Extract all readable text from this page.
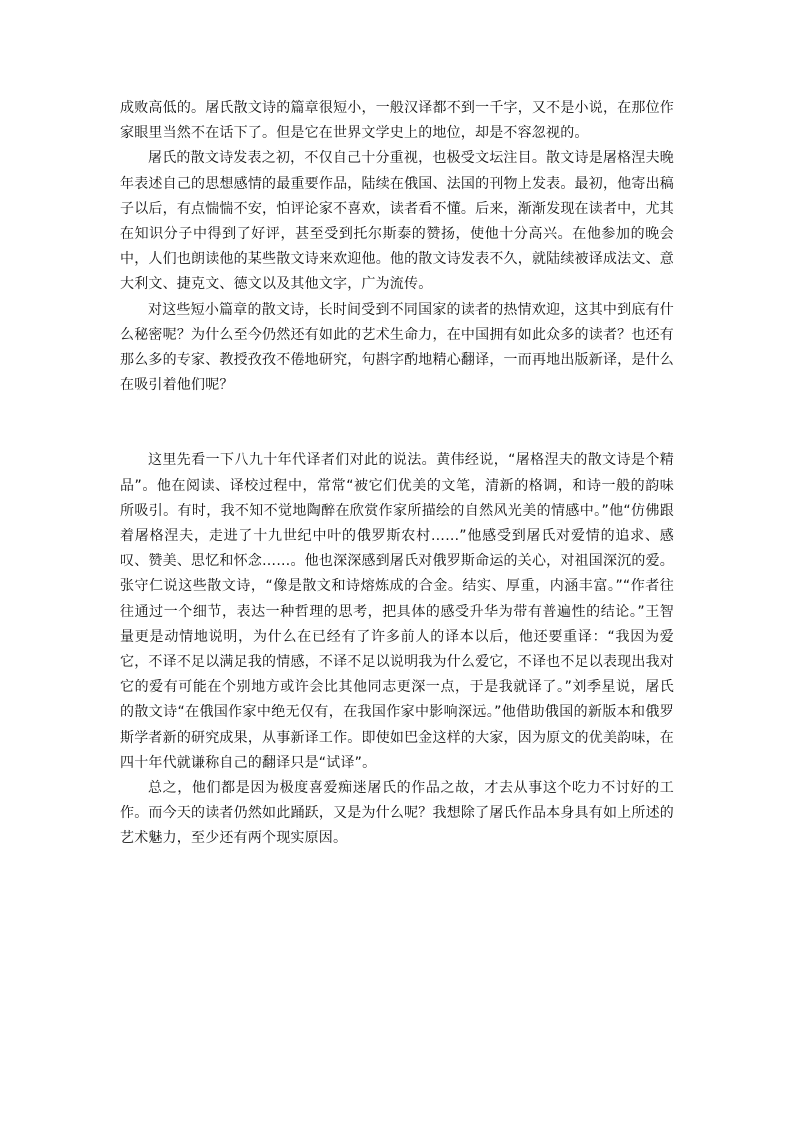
成败高低的。屠氏散文诗的篇章很短小，一般汉译都不到一千字，又不是小说，在那位作家眼里当然不在话下了。但是它在世界文学史上的地位，却是不容忽视的。

屠氏的散文诗发表之初，不仅自己十分重视，也极受文坛注目。散文诗是屠格涅夫晚年表述自己的思想感情的最重要作品，陆续在俄国、法国的刊物上发表。最初，他寄出稿子以后，有点惴惴不安，怕评论家不喜欢，读者看不懂。后来，渐渐发现在读者中，尤其在知识分子中得到了好评，甚至受到托尔斯泰的赞扬，使他十分高兴。在他参加的晚会中，人们也朗读他的某些散文诗来欢迎他。他的散文诗发表不久，就陆续被译成法文、意大利文、捷克文、德文以及其他文字，广为流传。

对这些短小篇章的散文诗，长时间受到不同国家的读者的热情欢迎，这其中到底有什么秘密呢？为什么至今仍然还有如此的艺术生命力，在中国拥有如此众多的读者？也还有那么多的专家、教授孜孜不倦地研究，句斟字酌地精心翻译，一而再地出版新译，是什么在吸引着他们呢？

这里先看一下八九十年代译者们对此的说法。黄伟经说，“屠格涅夫的散文诗是个精品”。他在阅读、译校过程中，常常“被它们优美的文笔，清新的格调，和诗一般的韵味所吸引。有时，我不知不觉地陶醉在欣赏作家所描绘的自然风光美的情感中。”他“仿佛跟着屠格涅夫，走进了十九世纪中叶的俄罗斯农村……”他感受到屠氏对爱情的追求、感叹、赞美、思忆和怀念……。他也深深感到屠氏对俄罗斯命运的关心，对祖国深沉的爱。张守仁说这些散文诗，“像是散文和诗熔炼成的合金。结实、厚重，内涵丰富。”“作者往往通过一个细节，表达一种哲理的思考，把具体的感受升华为带有普遍性的结论。”王智量更是动情地说明，为什么在已经有了许多前人的译本以后，他还要重译：“我因为爱它，不译不足以满足我的情感，不译不足以说明我为什么爱它，不译也不足以表现出我对它的爱有可能在个别地方或许会比其他同志更深一点，于是我就译了。”刘季星说，屠氏的散文诗“在俄国作家中绝无仅有，在我国作家中影响深远。”他借助俄国的新版本和俄罗斯学者新的研究成果，从事新译工作。即使如巴金这样的大家，因为原文的优美韵味，在四十年代就谦称自己的翻译只是“试译”。

总之，他们都是因为极度喜爱痴迷屠氏的作品之故，才去从事这个吃力不讨好的工作。而今天的读者仍然如此踊跃，又是为什么呢？我想除了屠氏作品本身具有如上所述的艺术魅力，至少还有两个现实原因。
